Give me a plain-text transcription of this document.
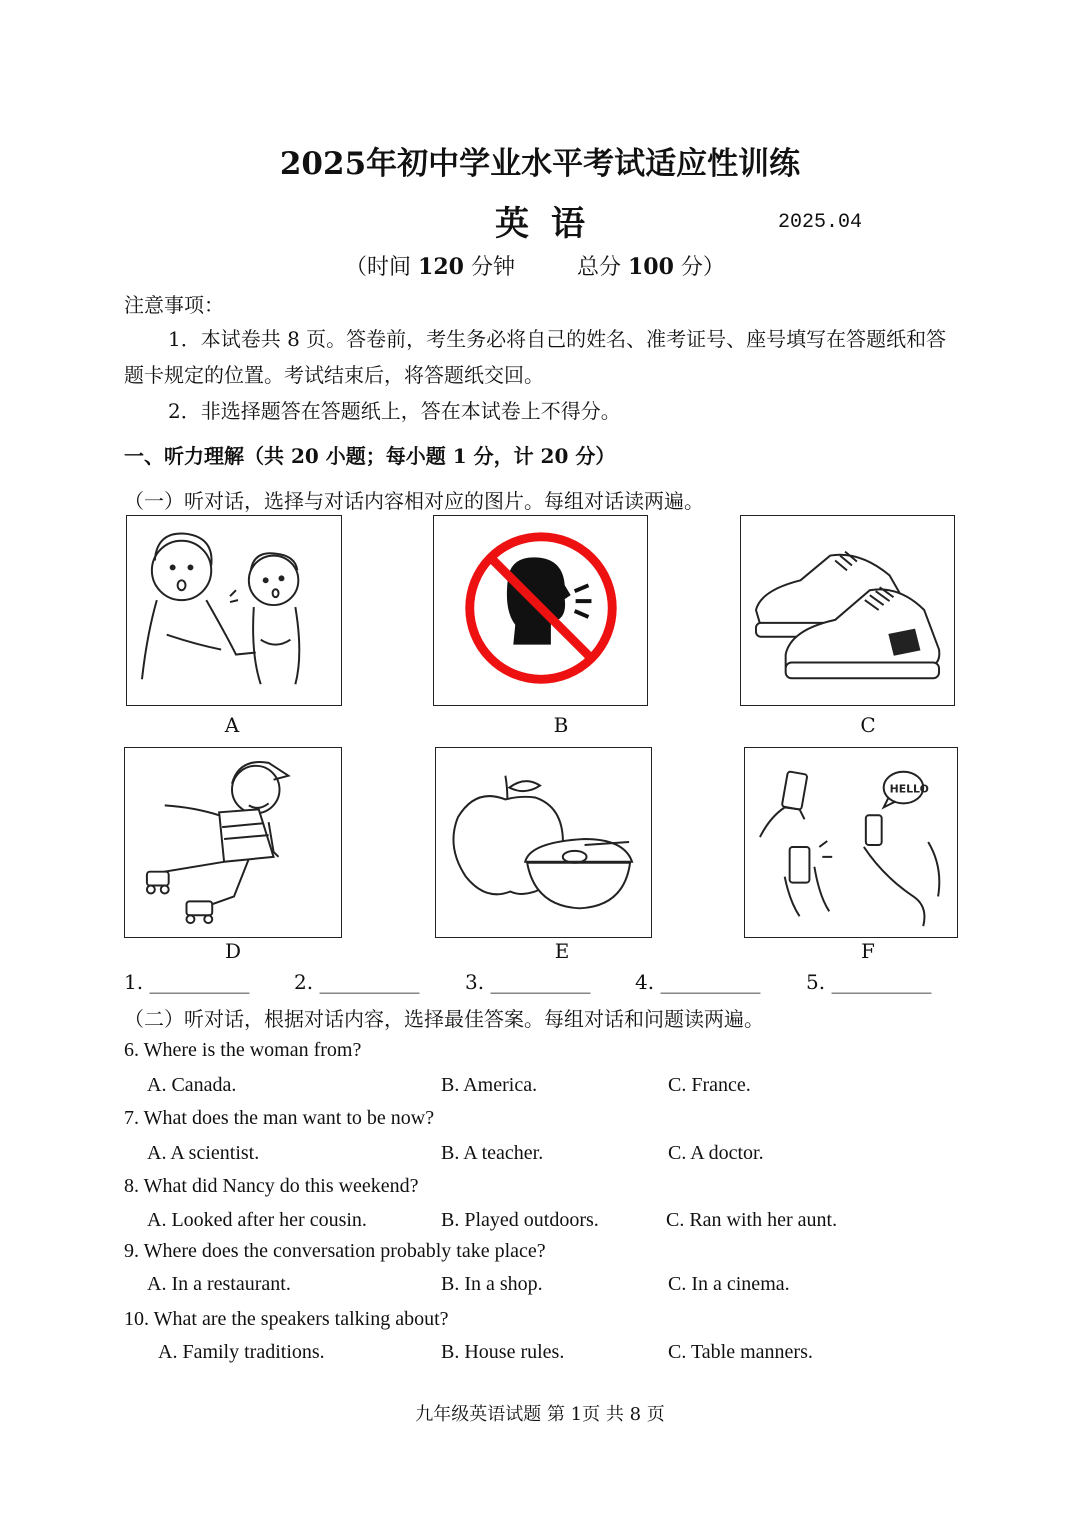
2025年初中学业水平考试适应性训练
英语	2025.04
（时间 120 分钟	总分 100 分）
注意事项：
1．本试卷共 8 页。答卷前，考生务必将自己的姓名、准考证号、座号填写在答题纸和答题卡规定的位置。考试结束后，将答题纸交回。
2．非选择题答在答题纸上，答在本试卷上不得分。
一、听力理解（共 20 小题；每小题 1 分，计 20 分）
（一）听对话，选择与对话内容相对应的图片。每组对话读两遍。
A	B	C
D	E
HELLO
F
1. __________ 2. __________ 3. __________ 4. __________ 5. __________
（二）听对话，根据对话内容，选择最佳答案。每组对话和问题读两遍。
6. Where is the woman from?
A. Canada.	B. America.	C. France.
7. What does the man want to be now?
A. A scientist.	B. A teacher.	C. A doctor.
8. What did Nancy do this weekend?
A. Looked after her cousin.	B. Played outdoors.	C. Ran with her aunt.
9. Where does the conversation probably take place?
A. In a restaurant.	B. In a shop.	C. In a cinema.
10. What are the speakers talking about?
A. Family traditions.	B. House rules.	C. Table manners.
九年级英语试题 第 1页 共 8 页
